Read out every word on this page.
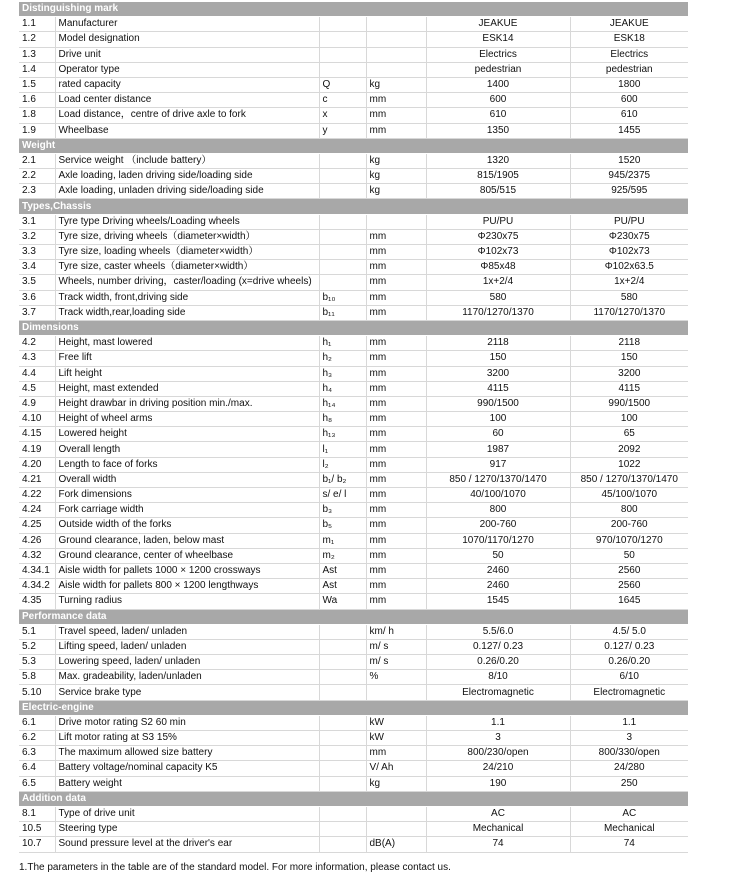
Distinguishing mark					
1.1	Manufacturer			JEAKUE	JEAKUE
1.2	Model designation			ESK14	ESK18
1.3	Drive unit			Electrics	Electrics
1.4	Operator type			pedestrian	pedestrian
1.5	rated capacity	Q	kg	1400	1800
1.6	Load center distance	c	mm	600	600
1.8	Load distance，centre of drive axle to fork	x	mm	610	610
1.9	Wheelbase	y	mm	1350	1455
Weight					
2.1	Service weight （include battery）		kg	1320	1520
2.2	Axle loading, laden driving side/loading side		kg	815/1905	945/2375
2.3	Axle loading, unladen driving side/loading side		kg	805/515	925/595
Types,Chassis					
3.1	Tyre type Driving wheels/Loading wheels			PU/PU	PU/PU
3.2	Tyre size, driving wheels（diameter×width）		mm	Φ230x75	Φ230x75
3.3	Tyre size, loading wheels（diameter×width）		mm	Φ102x73	Φ102x73
3.4	Tyre size, caster wheels（diameter×width）		mm	Φ85x48	Φ102x63.5
3.5	Wheels, number driving，caster/loading (x=drive wheels)		mm	1x+2/4	1x+2/4
3.6	Track width, front,driving side	b₁₀	mm	580	580
3.7	Track width,rear,loading side	b₁₁	mm	1170/1270/1370	1170/1270/1370
Dimensions					
4.2	Height, mast lowered	h₁	mm	2118	2118
4.3	Free lift	h₂	mm	150	150
4.4	Lift height	h₃	mm	3200	3200
4.5	Height, mast extended	h₄	mm	4115	4115
4.9	Height drawbar in driving position min./max.	h₁₄	mm	990/1500	990/1500
4.10	Height of wheel arms	h₈	mm	100	100
4.15	Lowered height	h₁₃	mm	60	65
4.19	Overall length	l₁	mm	1987	2092
4.20	Length to face of forks	l₂	mm	917	1022
4.21	Overall width	b₁/ b₂	mm	850 / 1270/1370/1470	850 / 1270/1370/1470
4.22	Fork dimensions	s/ e/ l	mm	40/100/1070	45/100/1070
4.24	Fork carriage width	b₃	mm	800	800
4.25	Outside width of the forks	b₅	mm	200-760	200-760
4.26	Ground clearance, laden, below mast	m₁	mm	1070/1170/1270	970/1070/1270
4.32	Ground clearance, center of wheelbase	m₂	mm	50	50
4.34.1	Aisle width for pallets 1000 × 1200 crossways	Ast	mm	2460	2560
4.34.2	Aisle width for pallets 800 × 1200 lengthways	Ast	mm	2460	2560
4.35	Turning radius	Wa	mm	1545	1645
Performance data					
5.1	Travel speed, laden/ unladen		km/ h	5.5/6.0	4.5/ 5.0
5.2	Lifting speed, laden/ unladen		m/ s	0.127/ 0.23	0.127/ 0.23
5.3	Lowering speed, laden/ unladen		m/ s	0.26/0.20	0.26/0.20
5.8	Max. gradeability, laden/unladen		%	8/10	6/10
5.10	Service brake type			Electromagnetic	Electromagnetic
Electric-engine					
6.1	Drive motor rating S2 60 min		kW	1.1	1.1
6.2	Lift motor rating at S3 15%		kW	3	3
6.3	The maximum allowed size battery		mm	800/230/open	800/330/open
6.4	Battery voltage/nominal capacity K5		V/ Ah	24/210	24/280
6.5	Battery weight		kg	190	250
Addition data					
8.1	Type of drive unit			AC	AC
10.5	Steering type			Mechanical	Mechanical
10.7	Sound pressure level at the driver's ear		dB(A)	74	74
1.The parameters in the table are of the standard model. For more information, please contact us.
